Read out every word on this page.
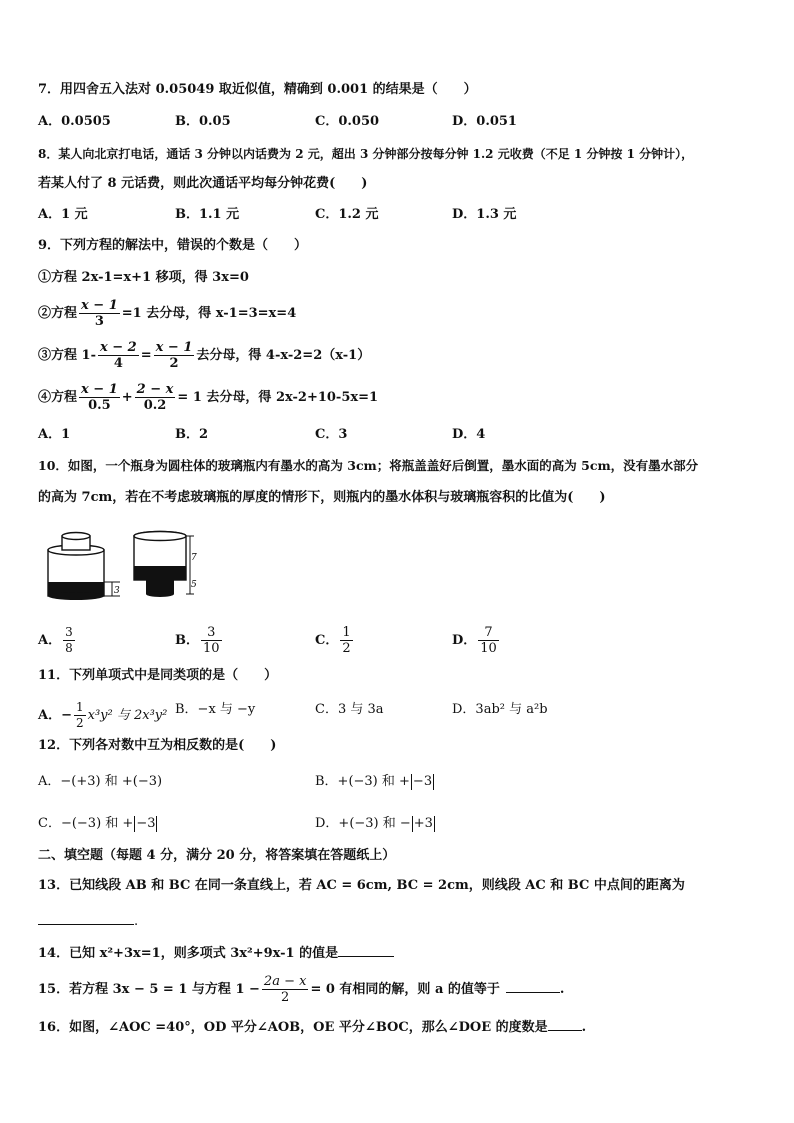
7．用四舍五入法对 0.05049 取近似值，精确到 0.001 的结果是（　　）
A．0.0505	B．0.05	C．0.050	D．0.051
8．某人向北京打电话，通话 3 分钟以内话费为 2 元，超出 3 分钟部分按每分钟 1.2 元收费（不足 1 分钟按 1 分钟计），
若某人付了 8 元话费，则此次通话平均每分钟花费(　　)
A．1 元	B．1.1 元	C．1.2 元	D．1.3 元
9．下列方程的解法中，错误的个数是（　　）
①方程 2x-1=x+1 移项，得 3x=0
②方程 $\frac{x - 1}{3} =1$ 去分母，得 x-1=3=x=4
③方程 $1- \frac{x - 2}{4} = \frac{x - 1}{2}$ 去分母，得 4-x-2=2（x-1）
④方程 $\frac{x - 1}{0.5} + \frac{2 - x}{0.2} = 1$ 去分母，得 2x-2+10-5x=1
A．1	B．2	C．3	D．4
10．如图，一个瓶身为圆柱体的玻璃瓶内有墨水的高为 3cm；将瓶盖盖好后倒置，墨水面的高为 5cm，没有墨水部分
的高为 7cm，若在不考虑玻璃瓶的厚度的情形下，则瓶内的墨水体积与玻璃瓶容积的比值为(　　)
3
7
5
A． $\frac{3}{8}$	B． $\frac{3}{10}$	C． $\frac{1}{2}$	D． $\frac{7}{10}$
11．下列单项式中是同类项的是（　　）
A．− $\frac{1}{2} x^3y^2$ 与 2x³y² B．−x 与 −y	C．3 与 3a	D．3ab² 与 a²b
12．下列各对数中互为相反数的是(　　)
A．−(+3) 和 +(−3)	B．+(−3) 和 + −3
C．−(−3) 和 + −3	D．+(−3) 和 − +3
二、填空题（每题 4 分，满分 20 分，将答案填在答题纸上）
13．已知线段 AB 和 BC 在同一条直线上，若 AC = 6cm, BC = 2cm，则线段 AC 和 BC 中点间的距离为
.
14．已知 x²+3x=1，则多项式 3x²+9x-1 的值是
15．若方程 3x − 5 = 1 与方程 $1 - \frac{2a - x}{2} = 0$ 有相同的解，则 a 的值等于	.
16．如图，∠AOC =40°，OD 平分∠AOB，OE 平分∠BOC，那么∠DOE 的度数是	.
